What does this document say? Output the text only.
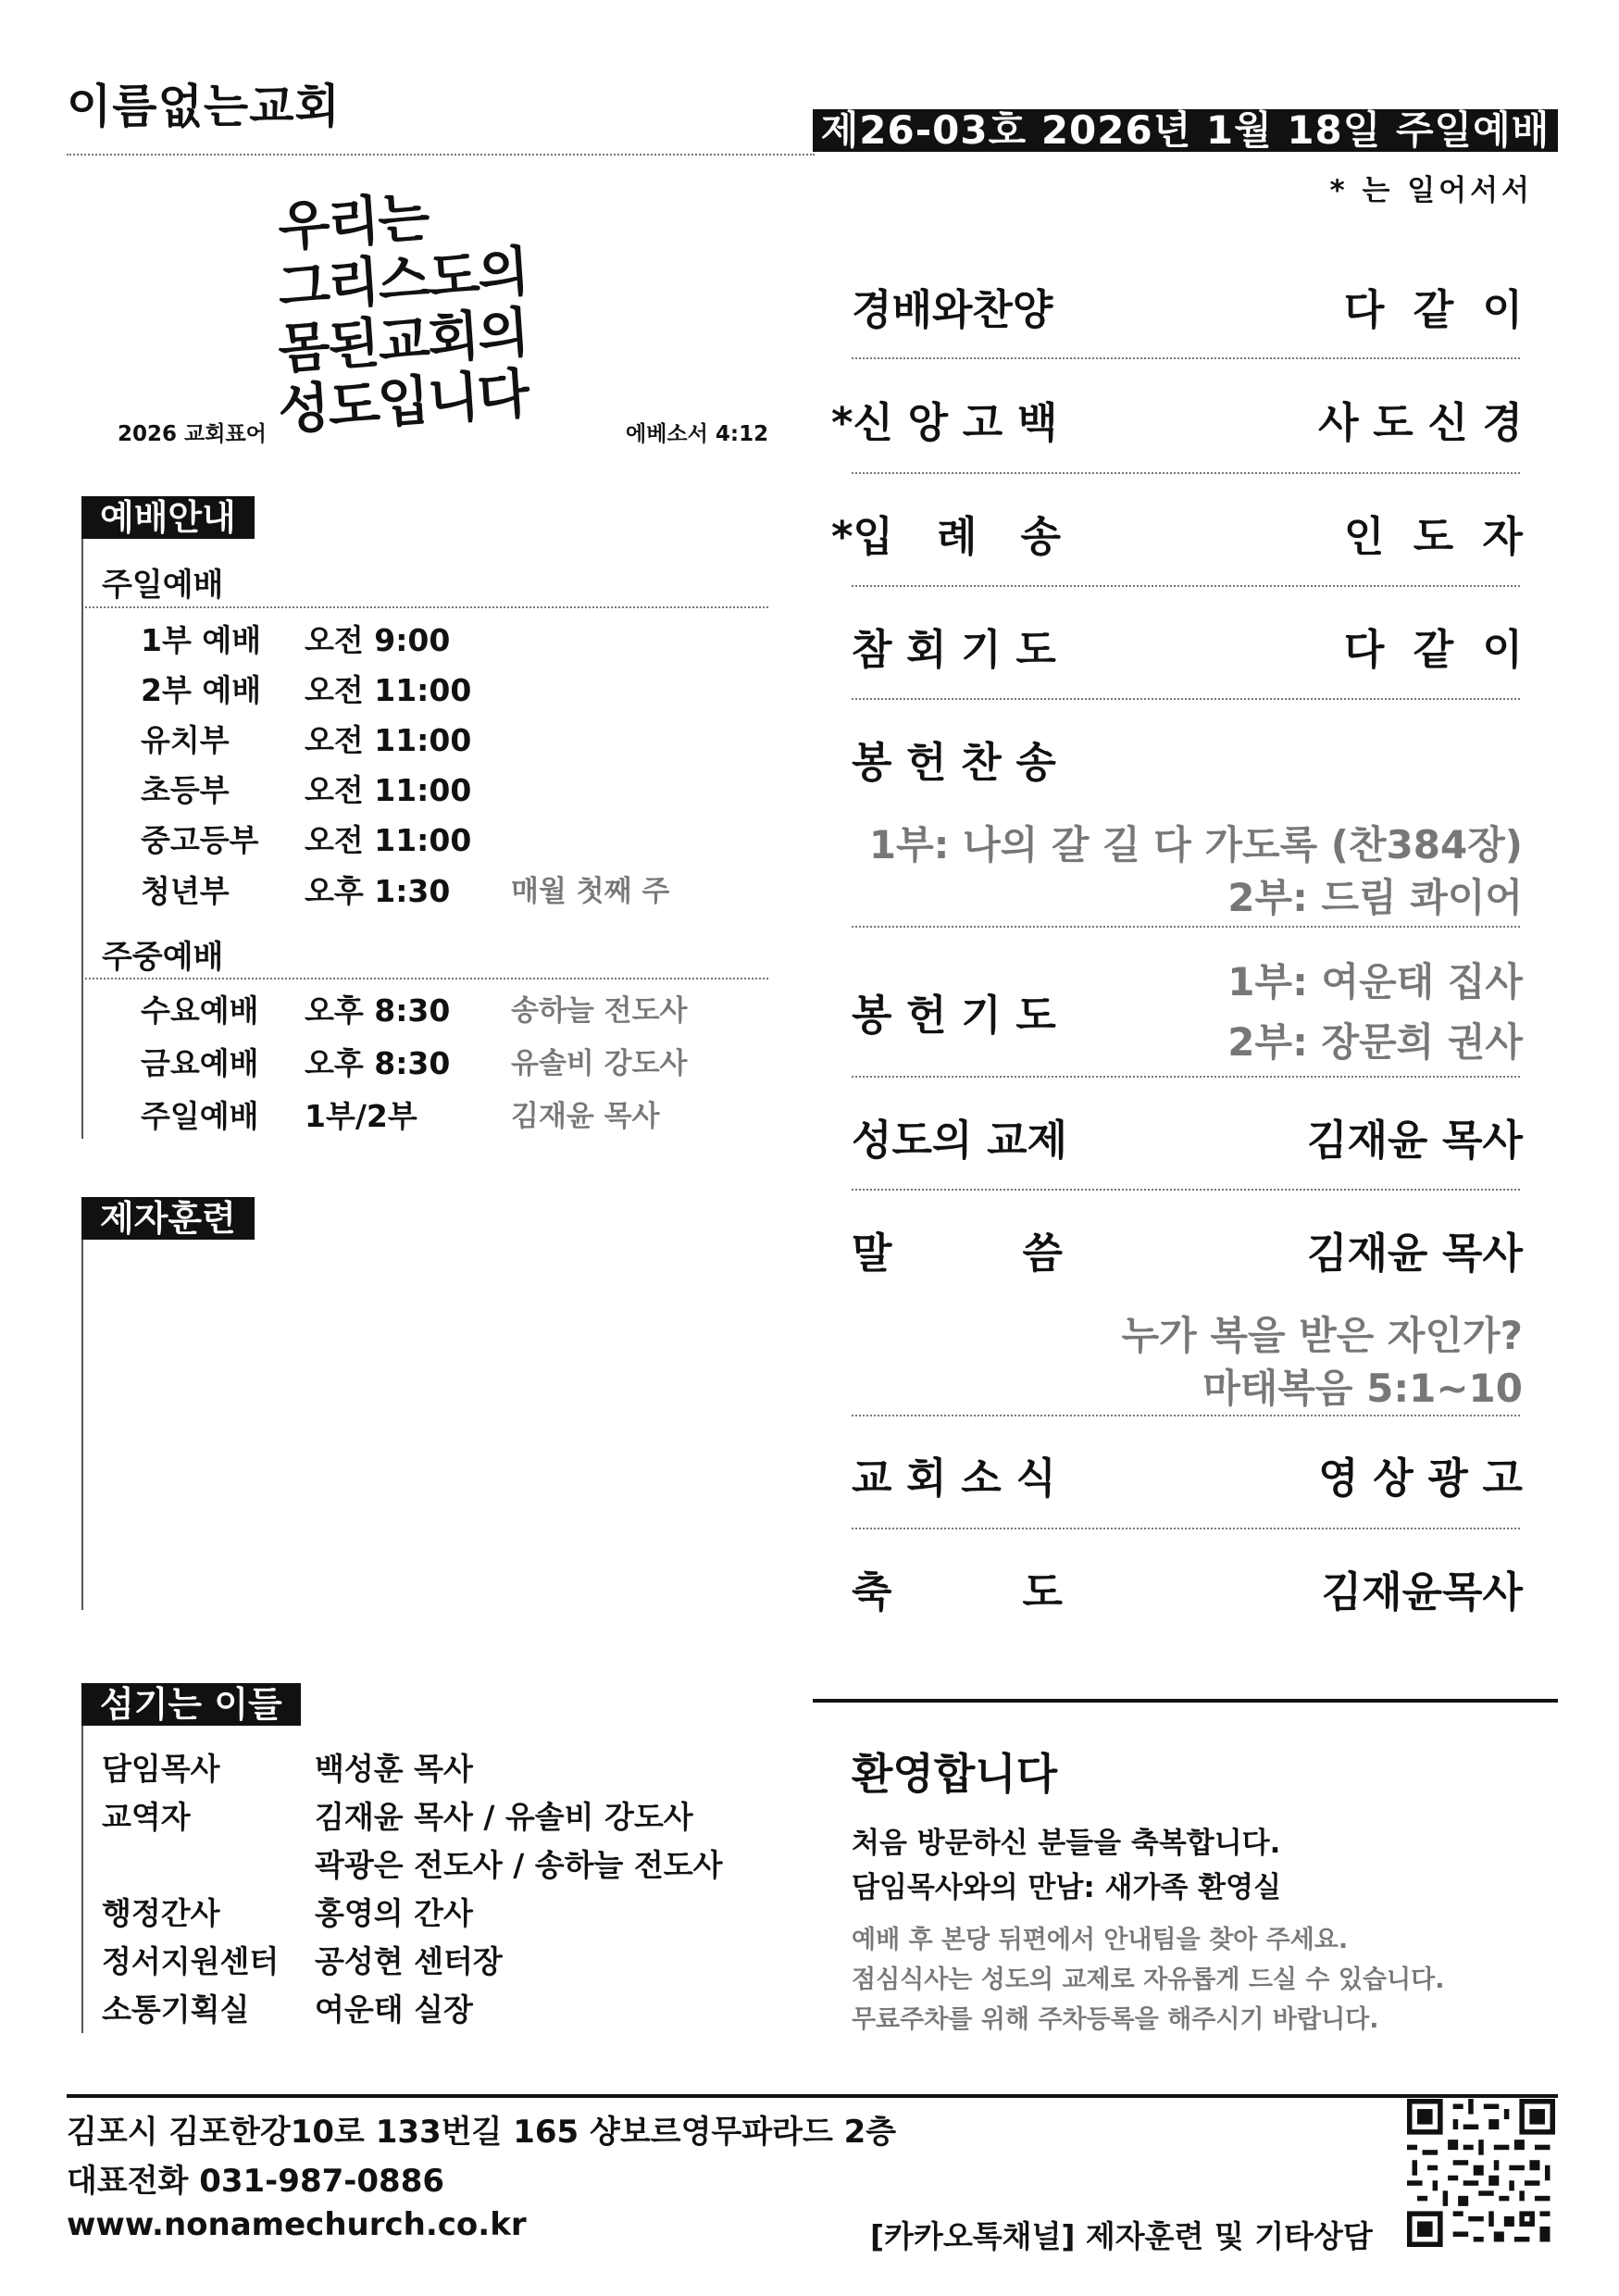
이름없는교회	제26-03호 2026년 1월 18일 주일예배
* 는 일어서서
우리는
그리스도의
몸된교회의
성도입니다
2026 교회표어	에베소서 4:12
예배안내
주일예배
1부 예배 오전 9:00
2부 예배 오전 11:00
유치부 오전 11:00
초등부 오전 11:00
중고등부 오전 11:00
청년부 오후 1:30 매월 첫째 주
주중예배
수요예배 오후 8:30 송하늘 전도사
금요예배 오후 8:30 유솔비 강도사
주일예배 1부/2부	김재윤 목사
제자훈련
섬기는 이들
담임목사	백성훈 목사
교역자	김재윤 목사 / 유솔비 강도사
곽광은 전도사 / 송하늘 전도사
행정간사	홍영의 간사
정서지원센터 공성현 센터장
소통기획실 여운태 실장
경배와찬양	다  같  이
*신 앙 고 백	사 도 신 경
*입   례   송	인  도  자
참 회 기 도	다  같  이
봉 헌 찬 송
1부: 나의 갈 길 다 가도록 (찬384장)
2부: 드림 콰이어
봉 헌 기 도
1부: 여운태 집사
2부: 장문희 권사
성도의 교제	김재윤 목사
말         씀	김재윤 목사
누가 복을 받은 자인가?
마태복음 5:1~10
교 회 소 식	영 상 광 고
축         도	김재윤목사
환영합니다
처음 방문하신 분들을 축복합니다.
담임목사와의 만남: 새가족 환영실
예배 후 본당 뒤편에서 안내팀을 찾아 주세요.
점심식사는 성도의 교제로 자유롭게 드실 수 있습니다.
무료주차를 위해 주차등록을 해주시기 바랍니다.
김포시 김포한강10로 133번길 165 샹보르영무파라드 2층
대표전화 031-987-0886
www.nonamechurch.co.kr	[카카오톡채널] 제자훈련 및 기타상담
